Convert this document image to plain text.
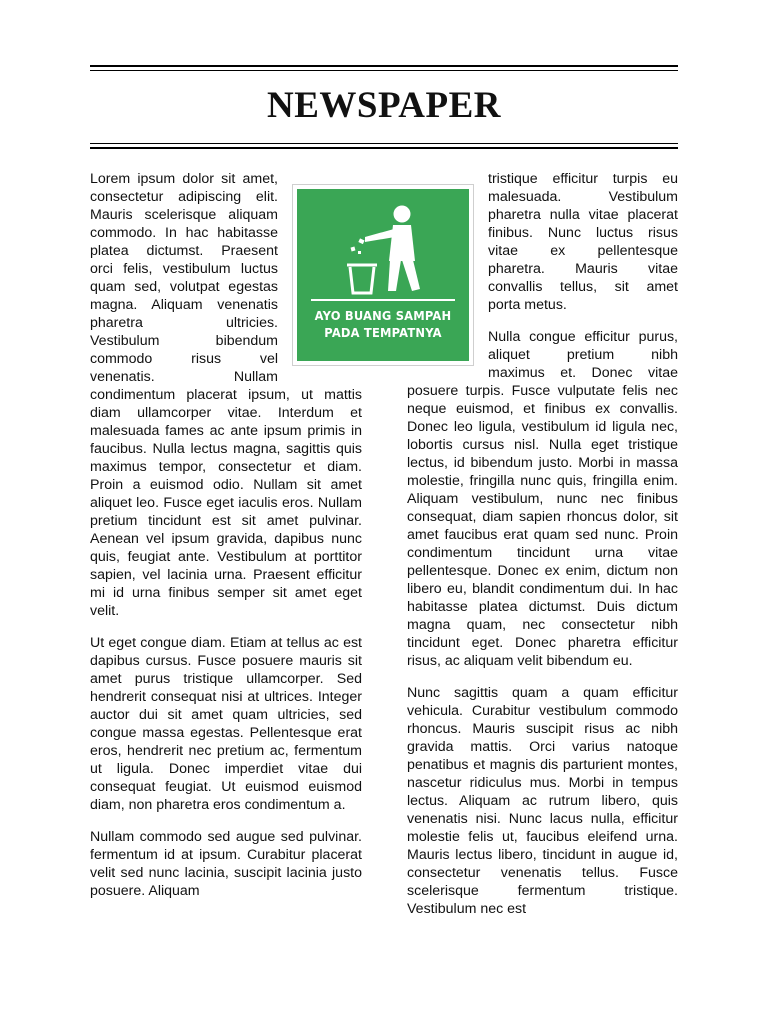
NEWSPAPER

Lorem ipsum dolor sit amet,

consectetur adipiscing elit.

Mauris scelerisque aliquam

commodo. In hac habitasse

platea dictumst. Praesent

orci felis, vestibulum luctus

quam sed, volutpat egestas

magna. Aliquam venenatis

pharetra ultricies.

Vestibulum bibendum

commodo risus vel

venenatis. Nullam

condimentum placerat ipsum, ut mattis diam ullamcorper vitae. Interdum et malesuada fames ac ante ipsum primis in faucibus. Nulla lectus magna, sagittis quis maximus tempor, consectetur et diam. Proin a euismod odio. Nullam sit amet aliquet leo. Fusce eget iaculis eros. Nullam pretium tincidunt est sit amet pulvinar. Aenean vel ipsum gravida, dapibus nunc quis, feugiat ante. Vestibulum at porttitor sapien, vel lacinia urna. Praesent efficitur mi id urna finibus semper sit amet eget velit.

Ut eget congue diam. Etiam at tellus ac est dapibus cursus. Fusce posuere mauris sit amet purus tristique ullamcorper. Sed hendrerit consequat nisi at ultrices. Integer auctor dui sit amet quam ultricies, sed congue massa egestas. Pellentesque erat eros, hendrerit nec pretium ac, fermentum ut ligula. Donec imperdiet vitae dui consequat feugiat. Ut euismod euismod diam, non pharetra eros condimentum a.

Nullam commodo sed augue sed pulvinar. fermentum id at ipsum. Curabitur placerat velit sed nunc lacinia, suscipit lacinia justo posuere. Aliquam

AYO BUANG SAMPAH
PADA TEMPATNYA

tristique efficitur turpis eu

malesuada. Vestibulum

pharetra nulla vitae placerat

finibus. Nunc luctus risus

vitae ex pellentesque

pharetra. Mauris vitae

convallis tellus, sit amet

porta metus.

Nulla congue efficitur purus,

aliquet pretium nibh

maximus et. Donec vitae

posuere turpis. Fusce vulputate felis nec neque euismod, et finibus ex convallis. Donec leo ligula, vestibulum id ligula nec, lobortis cursus nisl. Nulla eget tristique lectus, id bibendum justo. Morbi in massa molestie, fringilla nunc quis, fringilla enim. Aliquam vestibulum, nunc nec finibus consequat, diam sapien rhoncus dolor, sit amet faucibus erat quam sed nunc. Proin condimentum tincidunt urna vitae pellentesque. Donec ex enim, dictum non libero eu, blandit condimentum dui. In hac habitasse platea dictumst. Duis dictum magna quam, nec consectetur nibh tincidunt eget. Donec pharetra efficitur risus, ac aliquam velit bibendum eu.

Nunc sagittis quam a quam efficitur vehicula. Curabitur vestibulum commodo rhoncus. Mauris suscipit risus ac nibh gravida mattis. Orci varius natoque penatibus et magnis dis parturient montes, nascetur ridiculus mus. Morbi in tempus lectus. Aliquam ac rutrum libero, quis venenatis nisi. Nunc lacus nulla, efficitur molestie felis ut, faucibus eleifend urna. Mauris lectus libero, tincidunt in augue id, consectetur venenatis tellus. Fusce scelerisque fermentum tristique. Vestibulum nec est
